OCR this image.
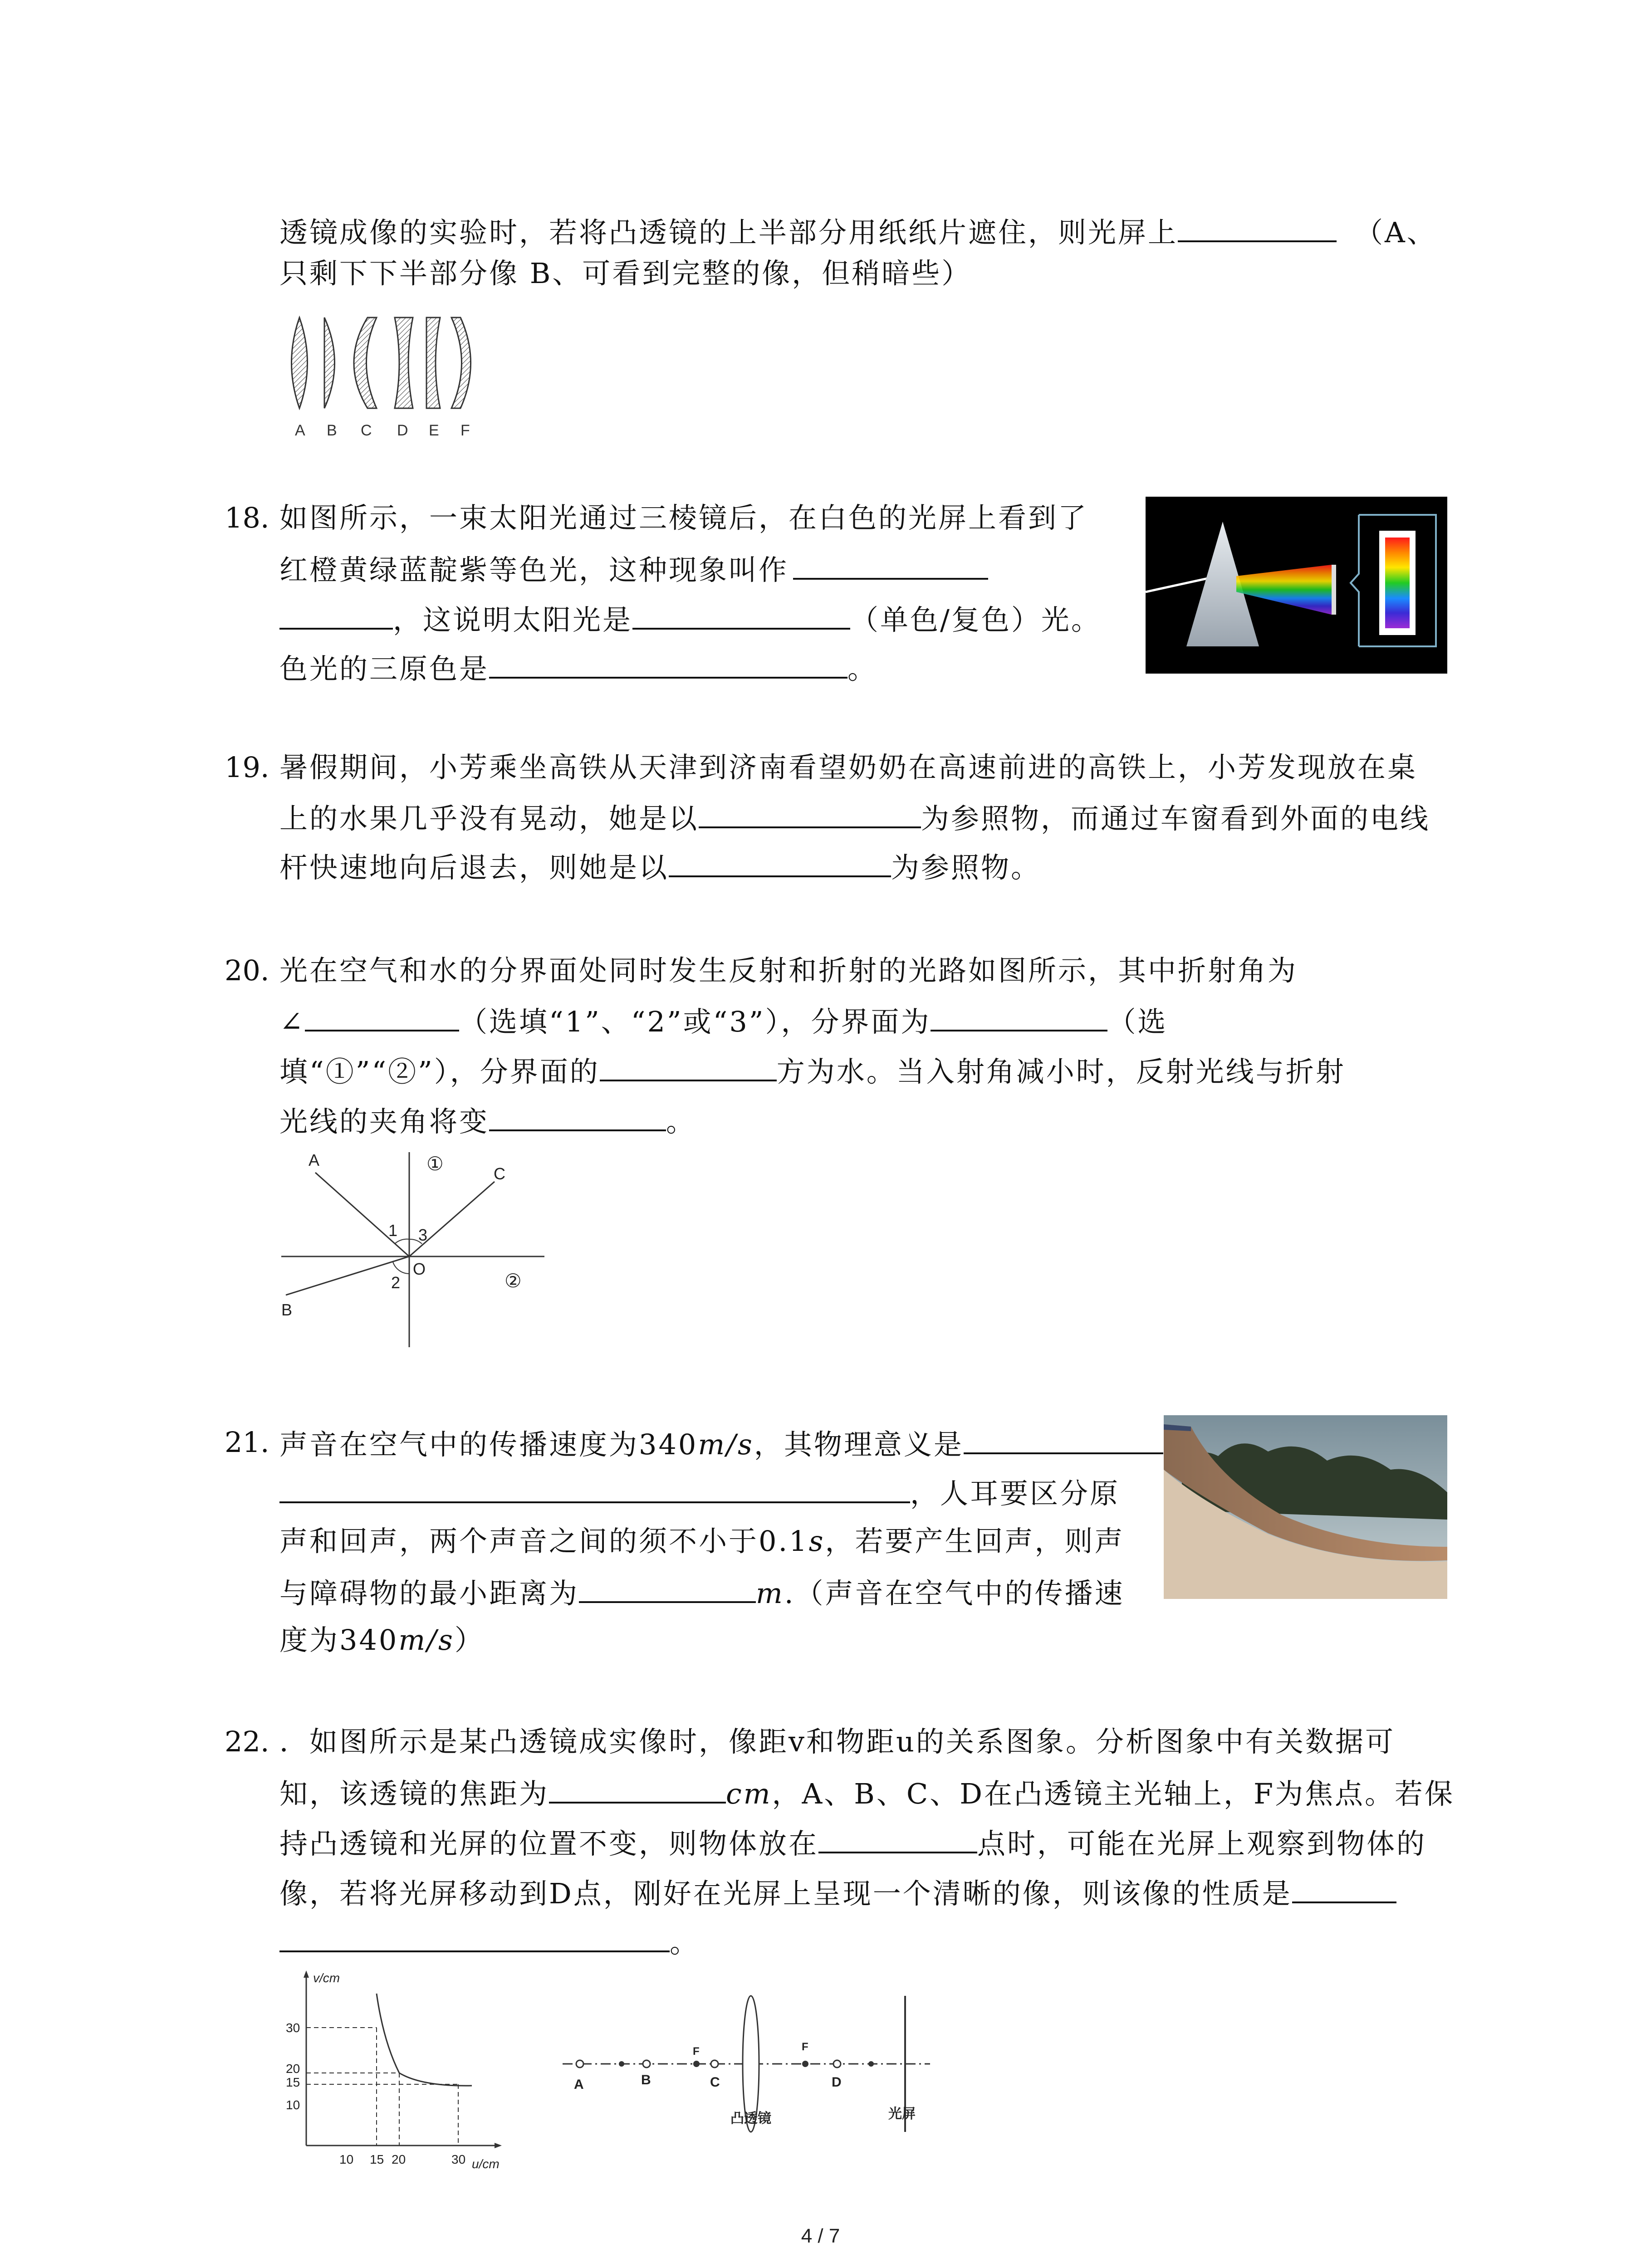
透镜成像的实验时，若将凸透镜的上半部分用纸纸片遮住，则光屏上	（A、
只剩下下半部分像 B、可看到完整的像，但稍暗些）
A B C D E F
18. 如图所示，一束太阳光通过三棱镜后，在白色的光屏上看到了
红橙黄绿蓝靛紫等色光，这种现象叫作
，这说明太阳光是	（单色/复色）光。
色光的三原色是	。
19. 暑假期间，小芳乘坐高铁从天津到济南看望奶奶在高速前进的高铁上，小芳发现放在桌
上的水果几乎没有晃动，她是以	为参照物，而通过车窗看到外面的电线
杆快速地向后退去，则她是以	为参照物。
20. 光在空气和水的分界面处同时发生反射和折射的光路如图所示，其中折射角为
∠	（选填“1”、“2”或“3”），分界面为	（选
填“①”“②”），分界面的	方为水。当入射角减小时，反射光线与折射
光线的夹角将变	。
A
C
B
O
1 3
2
①
②
21. 声音在空气中的传播速度为340m/s，其物理意义是
，人耳要区分原
声和回声，两个声音之间的须不小于0.1s，若要产生回声，则声
与障碍物的最小距离为	m.（声音在空气中的传播速
度为340m/s）
22. ．如图所示是某凸透镜成实像时，像距v和物距u的关系图象。分析图象中有关数据可
知，该透镜的焦距为	cm，A、B、C、D在凸透镜主光轴上，F为焦点。若保
持凸透镜和光屏的位置不变，则物体放在	点时，可能在光屏上观察到物体的
像，若将光屏移动到D点，刚好在光屏上呈现一个清晰的像，则该像的性质是
。
v/cm
u/cm
30
20
15
10
10 15 20	30
A	B	C	D
F	F
凸透镜	光屏
4 / 7
